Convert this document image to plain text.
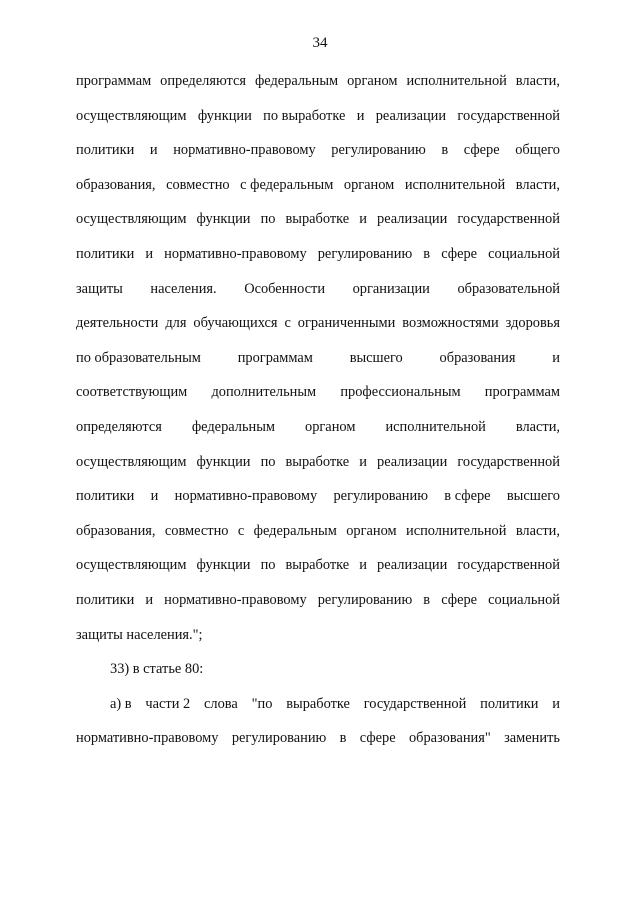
34
программам определяются федеральным органом исполнительной власти,
осуществляющим функции по выработке и реализации государственной
политики и нормативно-правовому регулированию в сфере общего
образования, совместно с федеральным органом исполнительной власти,
осуществляющим функции по выработке и реализации государственной
политики и нормативно-правовому регулированию в сфере социальной
защиты населения. Особенности организации образовательной
деятельности для обучающихся с ограниченными возможностями здоровья
по образовательным	программам	высшего	образования	и
соответствующим дополнительным профессиональным программам
определяются федеральным органом исполнительной власти,
осуществляющим функции по выработке и реализации государственной
политики и нормативно-правовому регулированию в сфере высшего
образования, совместно с федеральным органом исполнительной власти,
осуществляющим функции по выработке и реализации государственной
политики и нормативно-правовому регулированию в сфере социальной
защиты населения.";
33) в статье 80:
а) в части 2 слова "по выработке государственной политики и
нормативно-правовому регулированию в сфере образования" заменить
